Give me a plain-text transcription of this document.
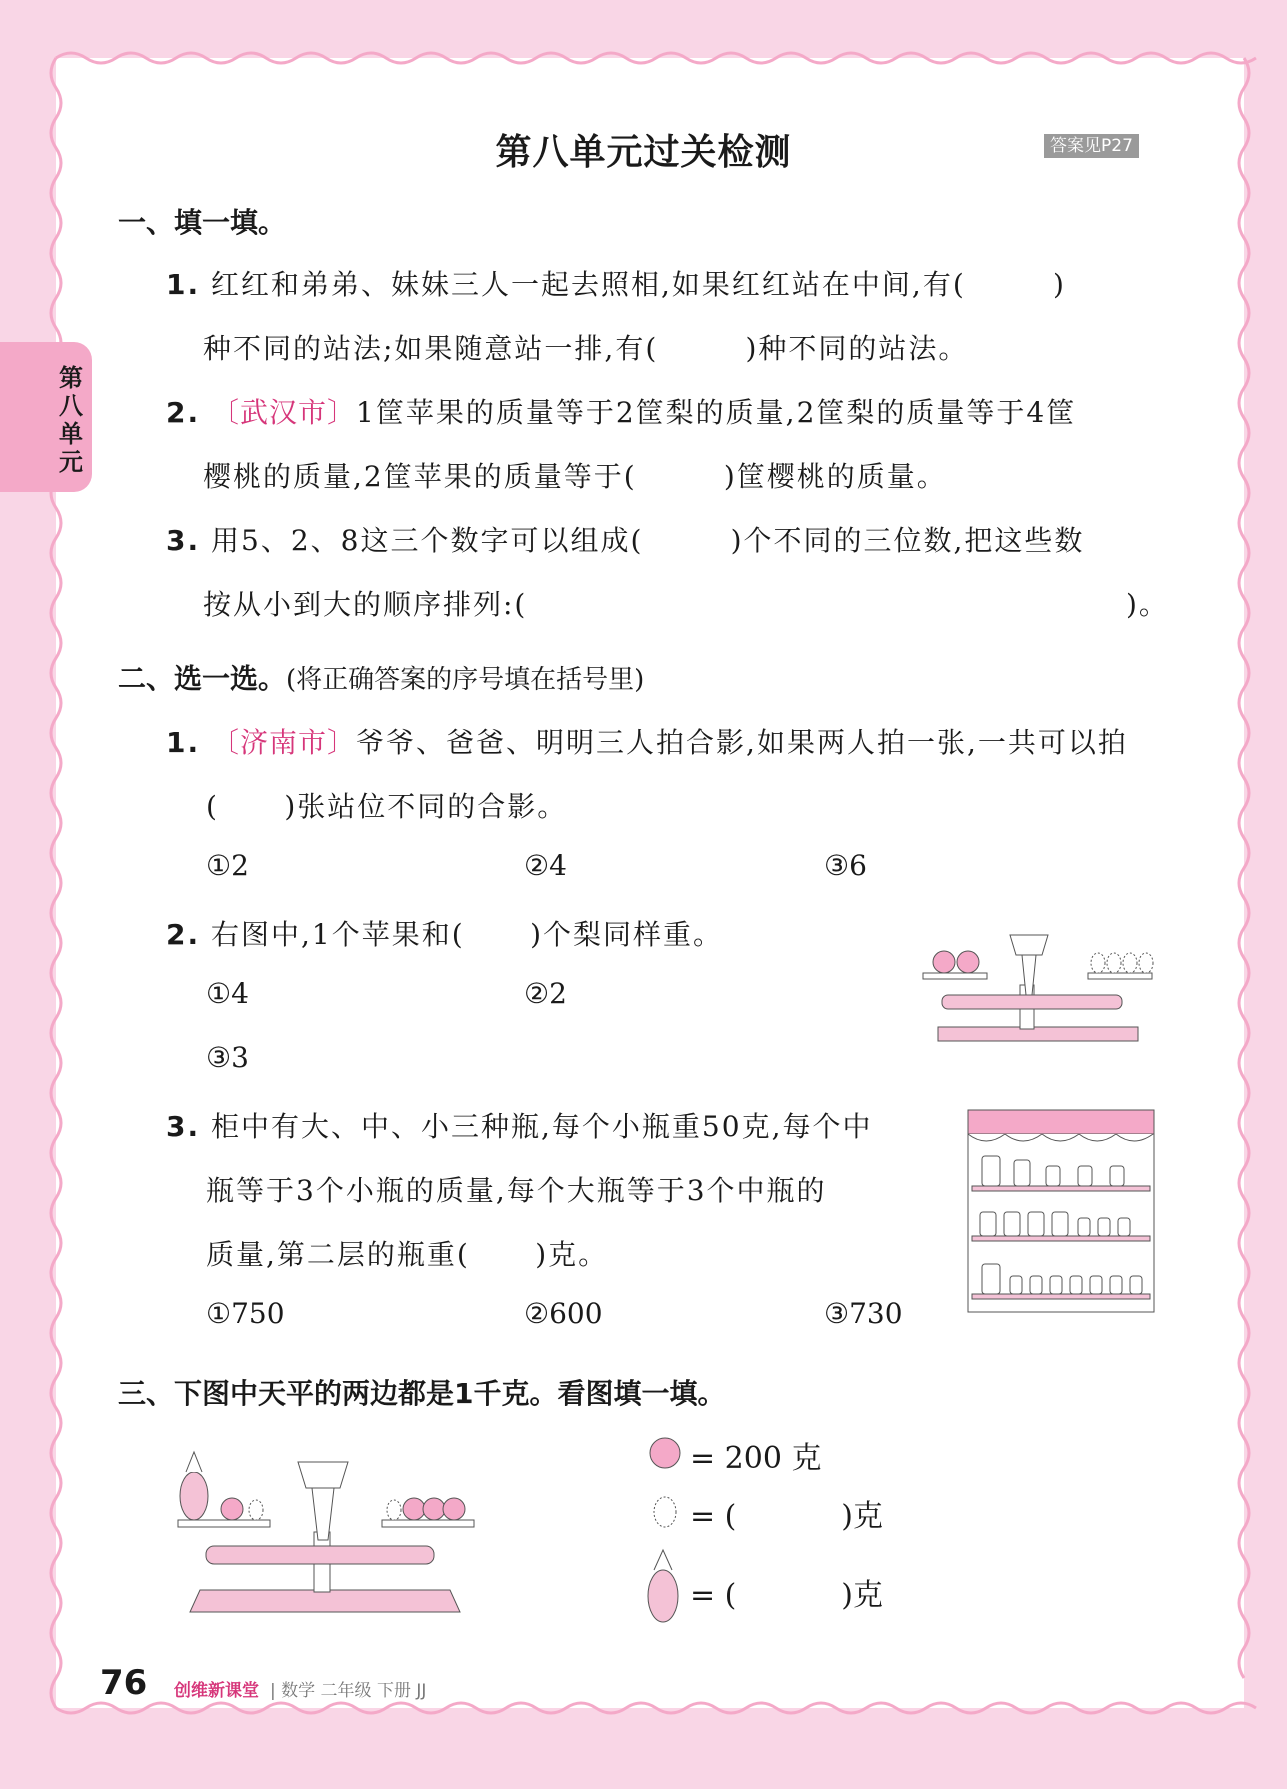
第八单元
第八单元过关检测	答案见P27
一、填一填。
1. 红红和弟弟、妹妹三人一起去照相,如果红红站在中间,有(        )
种不同的站法;如果随意站一排,有(        )种不同的站法。
2. 〔武汉市〕1筐苹果的质量等于2筐梨的质量,2筐梨的质量等于4筐
樱桃的质量,2筐苹果的质量等于(        )筐樱桃的质量。
3. 用5、2、8这三个数字可以组成(        )个不同的三位数,把这些数
按从小到大的顺序排列:(	)。
二、选一选。(将正确答案的序号填在括号里)
1. 〔济南市〕爷爷、爸爸、明明三人拍合影,如果两人拍一张,一共可以拍
(      )张站位不同的合影。
①2	②4	③6
2. 右图中,1个苹果和(      )个梨同样重。
①4	②2
③3
3. 柜中有大、中、小三种瓶,每个小瓶重50克,每个中
瓶等于3个小瓶的质量,每个大瓶等于3个中瓶的
质量,第二层的瓶重(      )克。
①750	②600	③730
三、下图中天平的两边都是1千克。看图填一填。
= 200 克
= (           )克
= (           )克
76 创维新课堂 | 数学 二年级 下册 JJ
